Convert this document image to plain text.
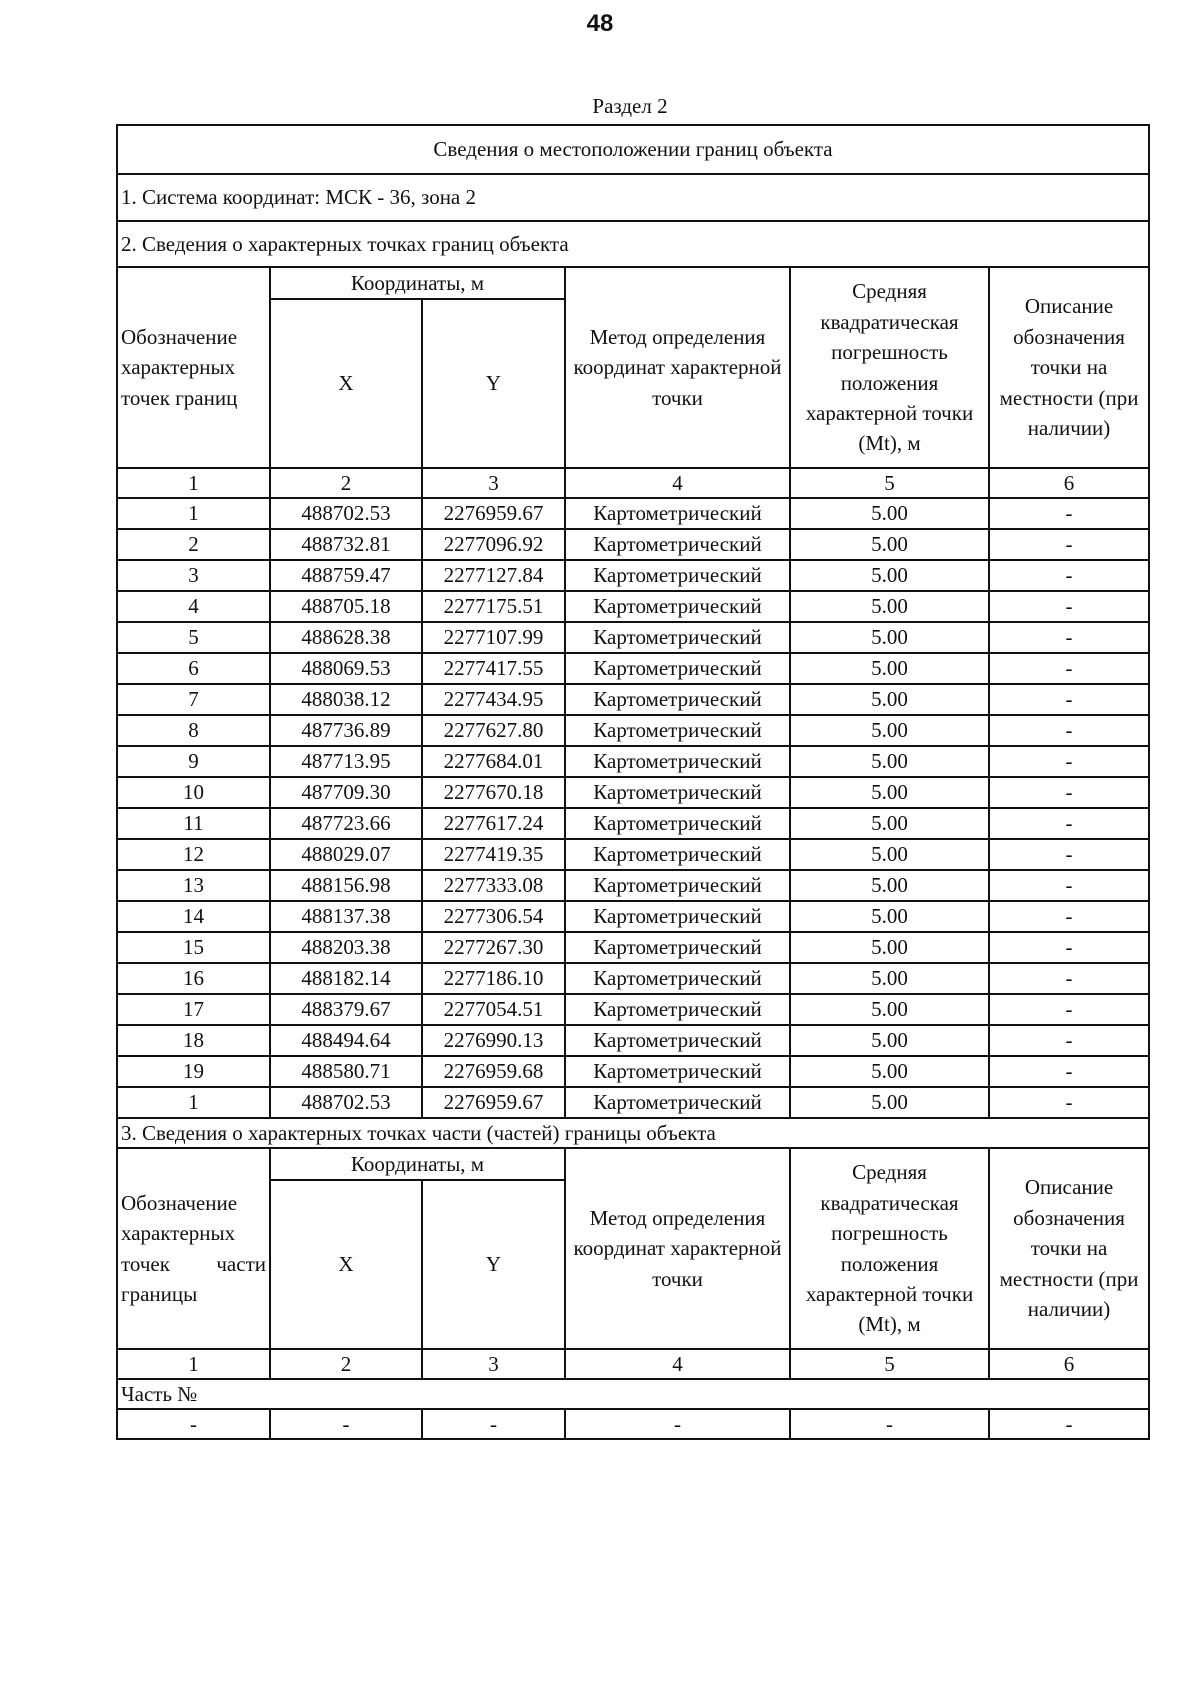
48
Раздел 2
Сведения о местоположении границ объекта					
1. Система координат: МСК - 36, зона 2					
2. Сведения о характерных точках границ объекта					
Обозначение характерных точек границ	Координаты, м		Метод определения координат характерной точки	Средняя квадратическая погрешность положения характерной точки (Mt), м	Описание обозначения точки на местности (при наличии)
	X	Y			
1	2	3	4	5	6
1	488702.53	2276959.67	Картометрический	5.00	-
2	488732.81	2277096.92	Картометрический	5.00	-
3	488759.47	2277127.84	Картометрический	5.00	-
4	488705.18	2277175.51	Картометрический	5.00	-
5	488628.38	2277107.99	Картометрический	5.00	-
6	488069.53	2277417.55	Картометрический	5.00	-
7	488038.12	2277434.95	Картометрический	5.00	-
8	487736.89	2277627.80	Картометрический	5.00	-
9	487713.95	2277684.01	Картометрический	5.00	-
10	487709.30	2277670.18	Картометрический	5.00	-
11	487723.66	2277617.24	Картометрический	5.00	-
12	488029.07	2277419.35	Картометрический	5.00	-
13	488156.98	2277333.08	Картометрический	5.00	-
14	488137.38	2277306.54	Картометрический	5.00	-
15	488203.38	2277267.30	Картометрический	5.00	-
16	488182.14	2277186.10	Картометрический	5.00	-
17	488379.67	2277054.51	Картометрический	5.00	-
18	488494.64	2276990.13	Картометрический	5.00	-
19	488580.71	2276959.68	Картометрический	5.00	-
1	488702.53	2276959.67	Картометрический	5.00	-
3. Сведения о характерных точках части (частей) границы объекта					

Обозначение
характерных
точек части
границы	Координаты, м		Метод определения координат характерной точки	Средняя квадратическая погрешность положения характерной точки (Mt), м	Описание обозначения точки на местности (при наличии)
	X	Y			
1	2	3	4	5	6
Часть №					
-	-	-	-	-	-
